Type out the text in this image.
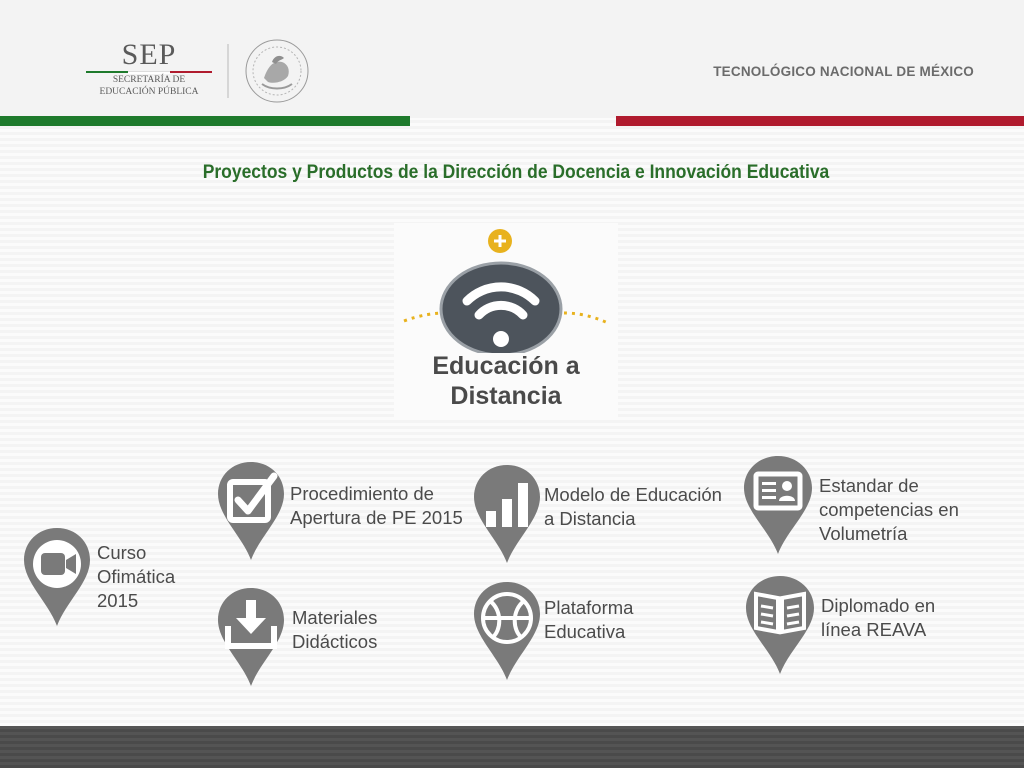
SEP
SECRETARÍA DE
EDUCACIÓN PÚBLICA
TECNOLÓGICO NACIONAL DE MÉXICO
Proyectos y Productos de la Dirección de Docencia e Innovación Educativa
Educación a
Distancia
Curso
Ofimática
2015
Procedimiento de
Apertura de PE 2015
Materiales
Didácticos
Modelo de Educación
a Distancia
Plataforma
Educativa
Estandar de
competencias en
Volumetría
Diplomado en
línea REAVA
